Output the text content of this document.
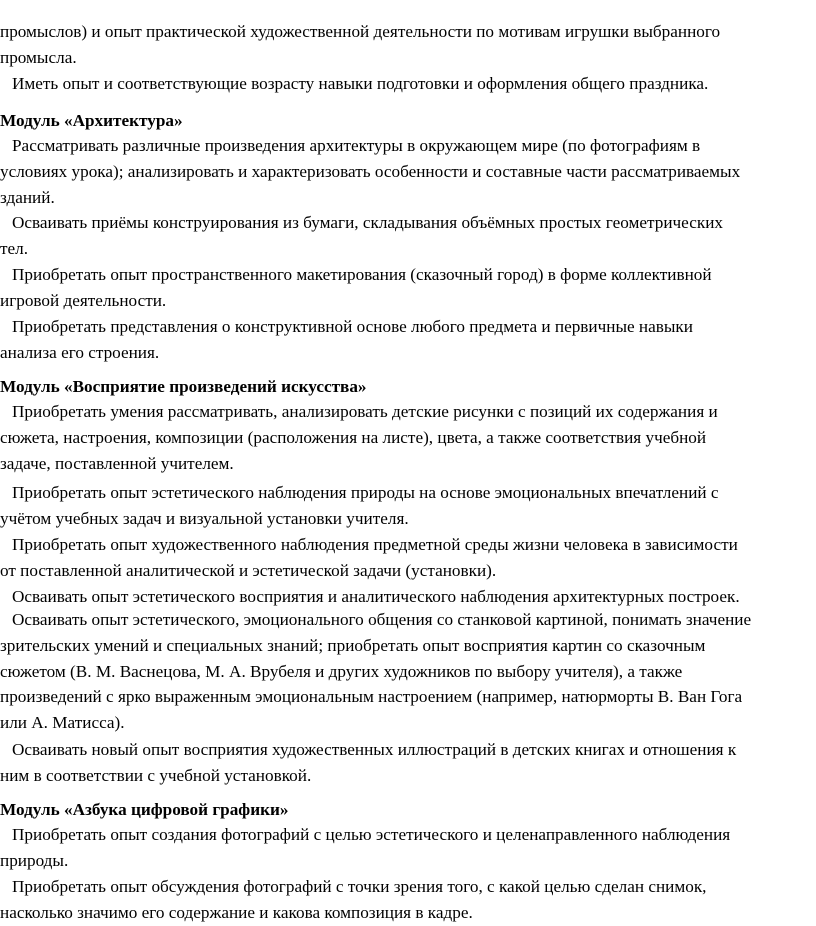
промыслов) и опыт практической художественной деятельности по мотивам игрушки выбранного
промысла.

Иметь опыт и соответствующие возрасту навыки подготовки и оформления общего праздника.

Модуль «Архитектура»

Рассматривать различные произведения архитектуры в окружающем мире (по фотографиям в
условиях урока); анализировать и характеризовать особенности и составные части рассматриваемых
зданий.

Осваивать приёмы конструирования из бумаги, складывания объёмных простых геометрических
тел.

Приобретать опыт пространственного макетирования (сказочный город) в форме коллективной
игровой деятельности.

Приобретать представления о конструктивной основе любого предмета и первичные навыки
анализа его строения.

Модуль «Восприятие произведений искусства»

Приобретать умения рассматривать, анализировать детские рисунки с позиций их содержания и
сюжета, настроения, композиции (расположения на листе), цвета, а также соответствия учебной
задаче, поставленной учителем.

Приобретать опыт эстетического наблюдения природы на основе эмоциональных впечатлений с
учётом учебных задач и визуальной установки учителя.

Приобретать опыт художественного наблюдения предметной среды жизни человека в зависимости
от поставленной аналитической и эстетической задачи (установки).

Осваивать опыт эстетического восприятия и аналитического наблюдения архитектурных построек.

Осваивать опыт эстетического, эмоционального общения со станковой картиной, понимать значение
зрительских умений и специальных знаний; приобретать опыт восприятия картин со сказочным
сюжетом (В. М. Васнецова, М. А. Врубеля и других художников по выбору учителя), а также
произведений с ярко выраженным эмоциональным настроением (например, натюрморты В. Ван Гога
или А. Матисса).

Осваивать новый опыт восприятия художественных иллюстраций в детских книгах и отношения к
ним в соответствии с учебной установкой.

Модуль «Азбука цифровой графики»

Приобретать опыт создания фотографий с целью эстетического и целенаправленного наблюдения
природы.

Приобретать опыт обсуждения фотографий с точки зрения того, с какой целью сделан снимок,
насколько значимо его содержание и какова композиция в кадре.
